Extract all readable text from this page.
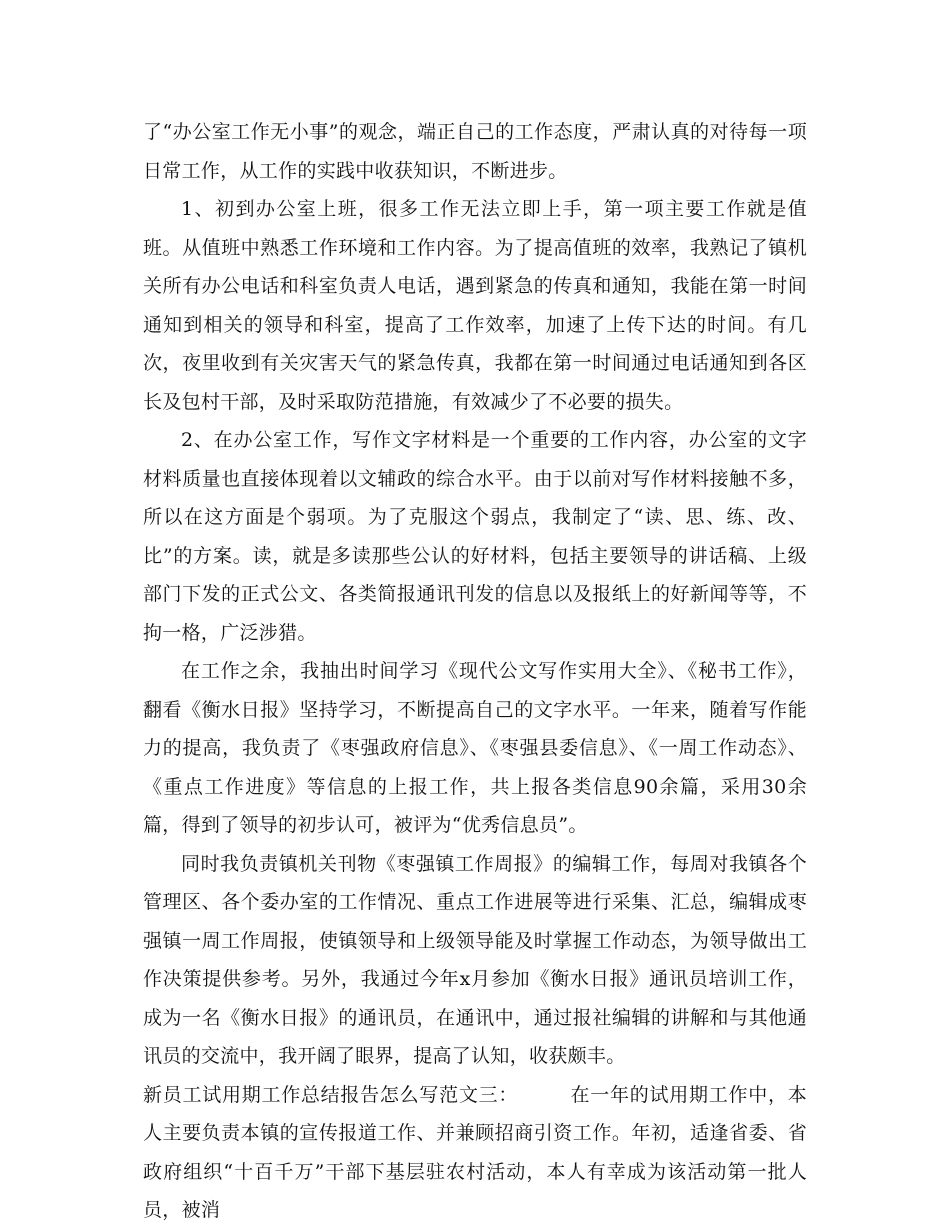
了“办公室工作无小事”的观念，端正自己的工作态度，严肃认真的对待每一项日常工作，从工作的实践中收获知识，不断进步。

1、初到办公室上班，很多工作无法立即上手，第一项主要工作就是值班。从值班中熟悉工作环境和工作内容。为了提高值班的效率，我熟记了镇机关所有办公电话和科室负责人电话，遇到紧急的传真和通知，我能在第一时间通知到相关的领导和科室，提高了工作效率，加速了上传下达的时间。有几次，夜里收到有关灾害天气的紧急传真，我都在第一时间通过电话通知到各区长及包村干部，及时采取防范措施，有效减少了不必要的损失。

2、在办公室工作，写作文字材料是一个重要的工作内容，办公室的文字材料质量也直接体现着以文辅政的综合水平。由于以前对写作材料接触不多，所以在这方面是个弱项。为了克服这个弱点，我制定了“读、思、练、改、比”的方案。读，就是多读那些公认的好材料，包括主要领导的讲话稿、上级部门下发的正式公文、各类简报通讯刊发的信息以及报纸上的好新闻等等，不拘一格，广泛涉猎。

在工作之余，我抽出时间学习《现代公文写作实用大全》、《秘书工作》，翻看《衡水日报》坚持学习，不断提高自己的文字水平。一年来，随着写作能力的提高，我负责了《枣强政府信息》、《枣强县委信息》、《一周工作动态》、《重点工作进度》等信息的上报工作，共上报各类信息90余篇，采用30余篇，得到了领导的初步认可，被评为“优秀信息员”。

同时我负责镇机关刊物《枣强镇工作周报》的编辑工作，每周对我镇各个管理区、各个委办室的工作情况、重点工作进展等进行采集、汇总，编辑成枣强镇一周工作周报，使镇领导和上级领导能及时掌握工作动态，为领导做出工作决策提供参考。另外，我通过今年x月参加《衡水日报》通讯员培训工作，成为一名《衡水日报》的通讯员，在通讯中，通过报社编辑的讲解和与其他通讯员的交流中，我开阔了眼界，提高了认知，收获颇丰。

新员工试用期工作总结报告怎么写范文三：	在一年的试用期工作中，本人主要负责本镇的宣传报道工作、并兼顾招商引资工作。年初，适逢省委、省政府组织“十百千万”干部下基层驻农村活动，本人有幸成为该活动第一批人员，被消
